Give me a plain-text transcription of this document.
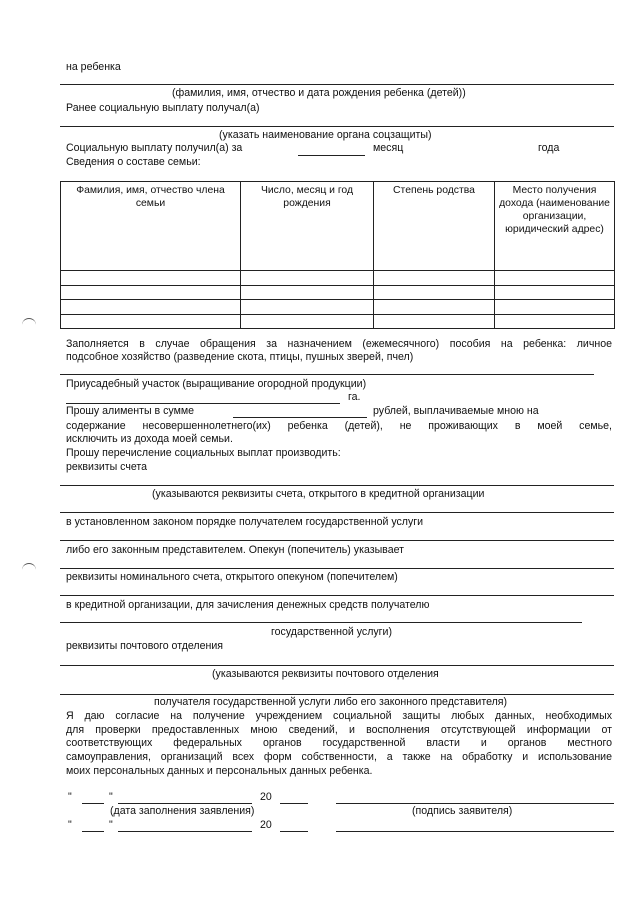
на ребенка
(фамилия, имя, отчество и дата рождения ребенка (детей))
Ранее социальную выплату получал(а)
(указать наименование органа соцзащиты)
Социальную выплату получил(а) за	месяц	года
Сведения о составе семьи:
Фамилия, имя, отчество члена семьи	Число, месяц и год рождения	Степень родства	Место получения дохода (наименование организации, юридический адрес)

Заполняется в случае обращения за назначением (ежемесячного) пособия на ребенка: личное
подсобное хозяйство (разведение скота, птицы, пушных зверей, пчел)
Приусадебный участок (выращивание огородной продукции)
га.
Прошу алименты в сумме	рублей, выплачиваемые мною на
содержание несовершеннолетнего(их) ребенка (детей), не проживающих в моей семье,
исключить из дохода моей семьи.
Прошу перечисление социальных выплат производить:
реквизиты счета
(указываются реквизиты счета, открытого в кредитной организации
в установленном законом порядке получателем государственной услуги
либо его законным представителем. Опекун (попечитель) указывает
реквизиты номинального счета, открытого опекуном (попечителем)
в кредитной организации, для зачисления денежных средств получателю
государственной услуги)
реквизиты почтового отделения
(указываются реквизиты почтового отделения
получателя государственной услуги либо его законного представителя)
Я даю согласие на получение учреждением социальной защиты любых данных, необходимых
для проверки предоставленных мною сведений, и восполнения отсутствующей информации от
соответствующих федеральных органов государственной власти и органов местного
самоуправления, организаций всех форм собственности, а также на обработку и использование
моих персональных данных и персональных данных ребенка.
"	"	20
(дата заполнения заявления)	(подпись заявителя)
"	"	20
